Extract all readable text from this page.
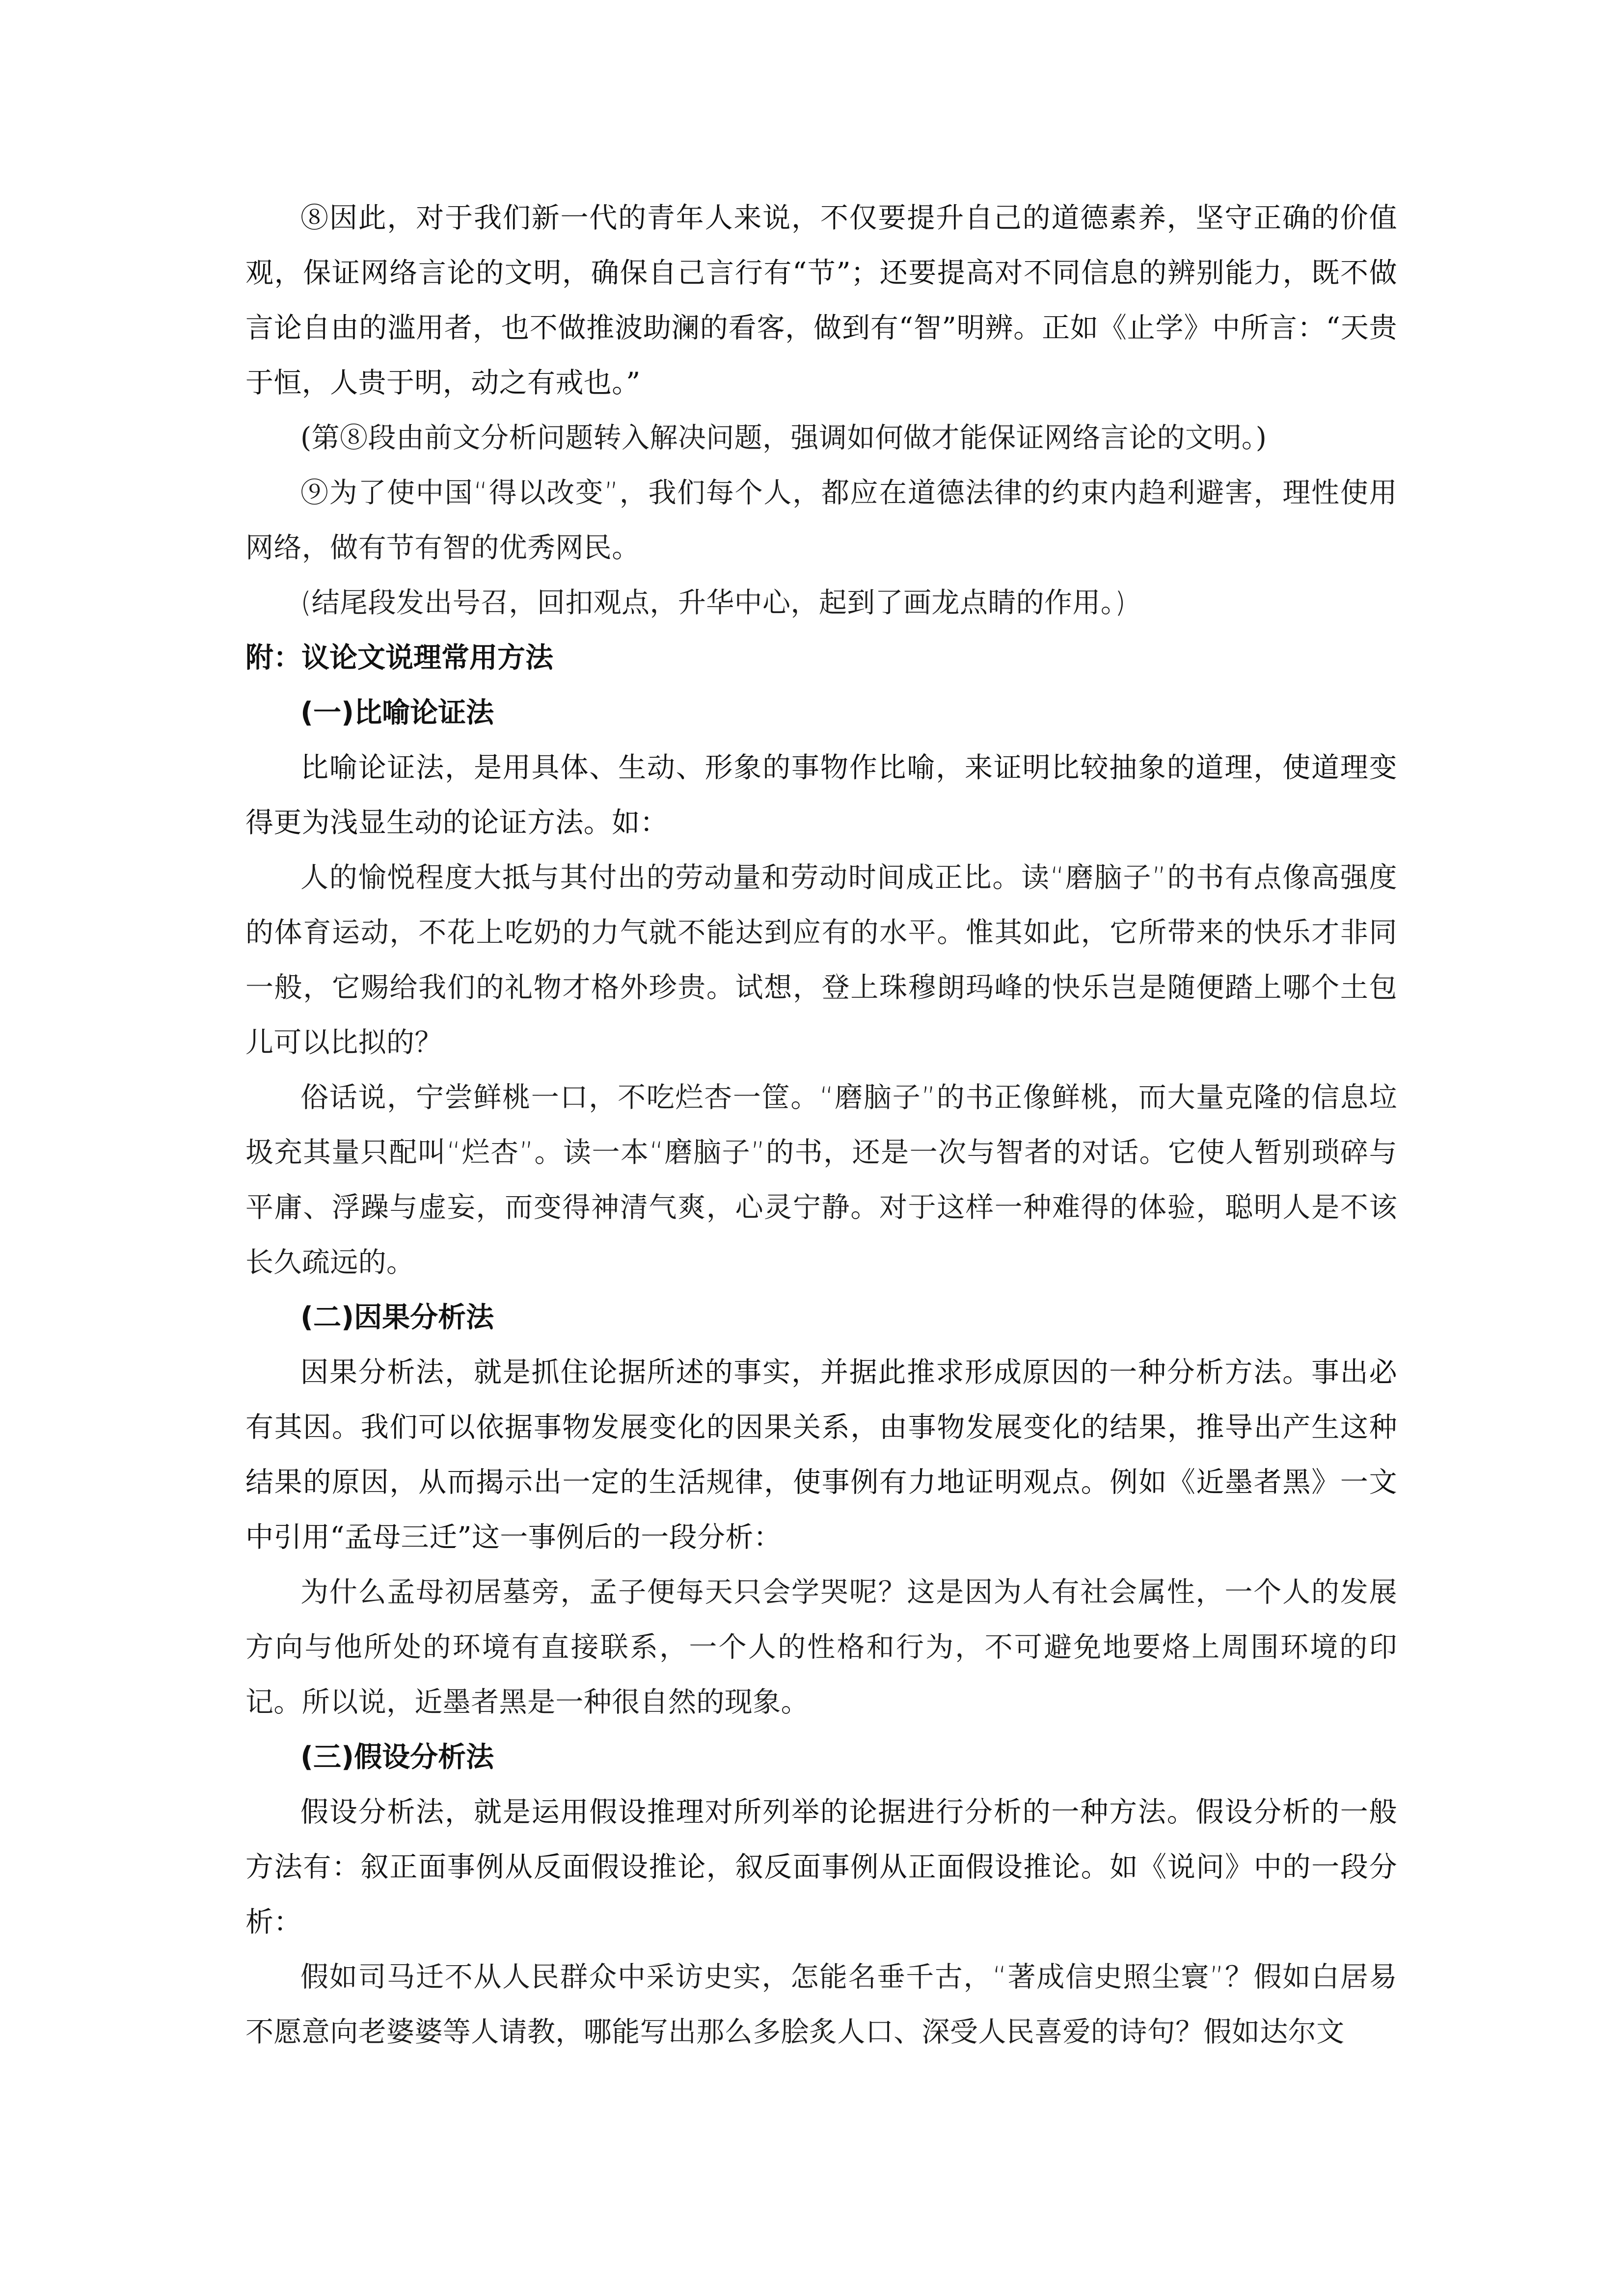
⑧因此，对于我们新一代的青年人来说，不仅要提升自己的道德素养，坚守正确的价值观，保证网络言论的文明，确保自己言行有“节”；还要提高对不同信息的辨别能力，既不做言论自由的滥用者，也不做推波助澜的看客，做到有“智”明辨。正如《止学》中所言：“天贵于恒，人贵于明，动之有戒也。”

(第⑧段由前文分析问题转入解决问题，强调如何做才能保证网络言论的文明。)

⑨为了使中国“得以改变”，我们每个人，都应在道德法律的约束内趋利避害，理性使用网络，做有节有智的优秀网民。

(结尾段发出号召，回扣观点，升华中心，起到了画龙点睛的作用。)

附：议论文说理常用方法

(一)比喻论证法

比喻论证法，是用具体、生动、形象的事物作比喻，来证明比较抽象的道理，使道理变得更为浅显生动的论证方法。如：

人的愉悦程度大抵与其付出的劳动量和劳动时间成正比。读“磨脑子”的书有点像高强度的体育运动，不花上吃奶的力气就不能达到应有的水平。惟其如此，它所带来的快乐才非同一般，它赐给我们的礼物才格外珍贵。试想，登上珠穆朗玛峰的快乐岂是随便踏上哪个土包儿可以比拟的？

俗话说，宁尝鲜桃一口，不吃烂杏一筐。“磨脑子”的书正像鲜桃，而大量克隆的信息垃圾充其量只配叫“烂杏”。读一本“磨脑子”的书，还是一次与智者的对话。它使人暂别琐碎与平庸、浮躁与虚妄，而变得神清气爽，心灵宁静。对于这样一种难得的体验，聪明人是不该长久疏远的。

(二)因果分析法

因果分析法，就是抓住论据所述的事实，并据此推求形成原因的一种分析方法。事出必有其因。我们可以依据事物发展变化的因果关系，由事物发展变化的结果，推导出产生这种结果的原因，从而揭示出一定的生活规律，使事例有力地证明观点。例如《近墨者黑》一文中引用“孟母三迁”这一事例后的一段分析：

为什么孟母初居墓旁，孟子便每天只会学哭呢？这是因为人有社会属性，一个人的发展方向与他所处的环境有直接联系，一个人的性格和行为，不可避免地要烙上周围环境的印记。所以说，近墨者黑是一种很自然的现象。

(三)假设分析法

假设分析法，就是运用假设推理对所列举的论据进行分析的一种方法。假设分析的一般方法有：叙正面事例从反面假设推论，叙反面事例从正面假设推论。如《说问》中的一段分析：

假如司马迁不从人民群众中采访史实，怎能名垂千古，“著成信史照尘寰”？假如白居易不愿意向老婆婆等人请教，哪能写出那么多脍炙人口、深受人民喜爱的诗句？假如达尔文
